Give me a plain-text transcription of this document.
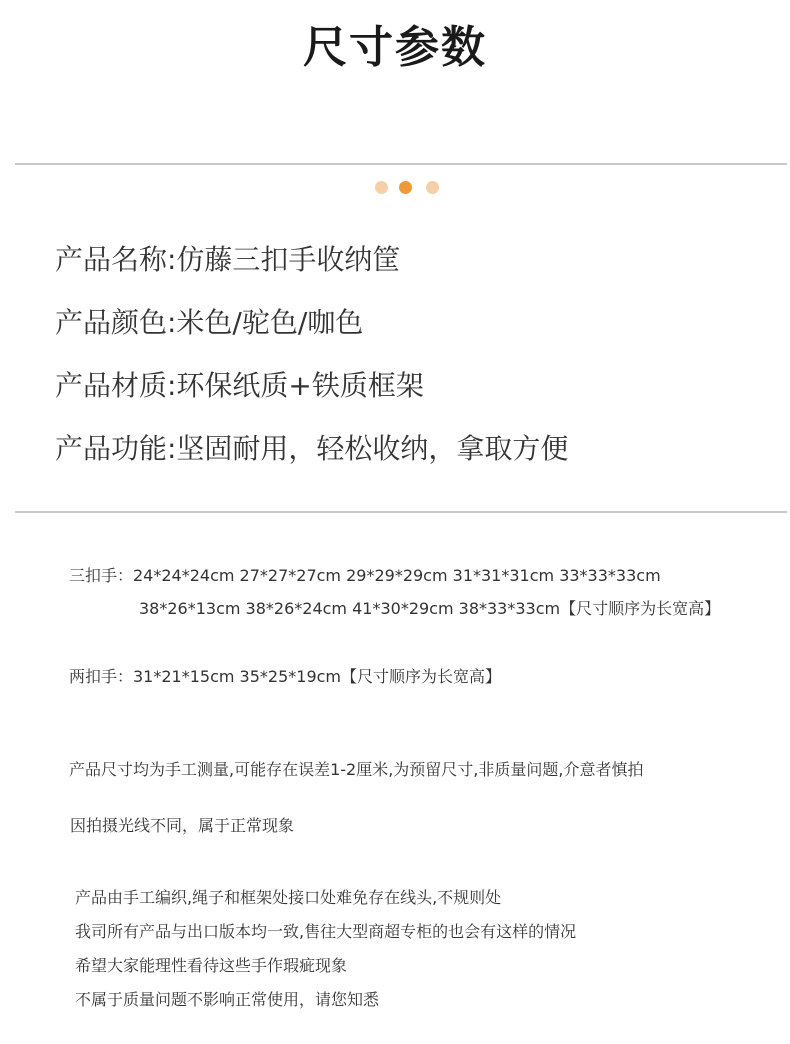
尺寸参数
产品名称:仿藤三扣手收纳筐
产品颜色:米色/驼色/咖色
产品材质:环保纸质+铁质框架
产品功能:坚固耐用，轻松收纳，拿取方便
三扣手：24*24*24cm 27*27*27cm 29*29*29cm 31*31*31cm 33*33*33cm
38*26*13cm 38*26*24cm 41*30*29cm 38*33*33cm【尺寸顺序为长宽高】
两扣手：31*21*15cm 35*25*19cm【尺寸顺序为长宽高】
产品尺寸均为手工测量,可能存在误差1-2厘米,为预留尺寸,非质量问题,介意者慎拍
因拍摄光线不同，属于正常现象
产品由手工编织,绳子和框架处接口处难免存在线头,不规则处
我司所有产品与出口版本均一致,售往大型商超专柜的也会有这样的情况
希望大家能理性看待这些手作瑕疵现象
不属于质量问题不影响正常使用，请您知悉
